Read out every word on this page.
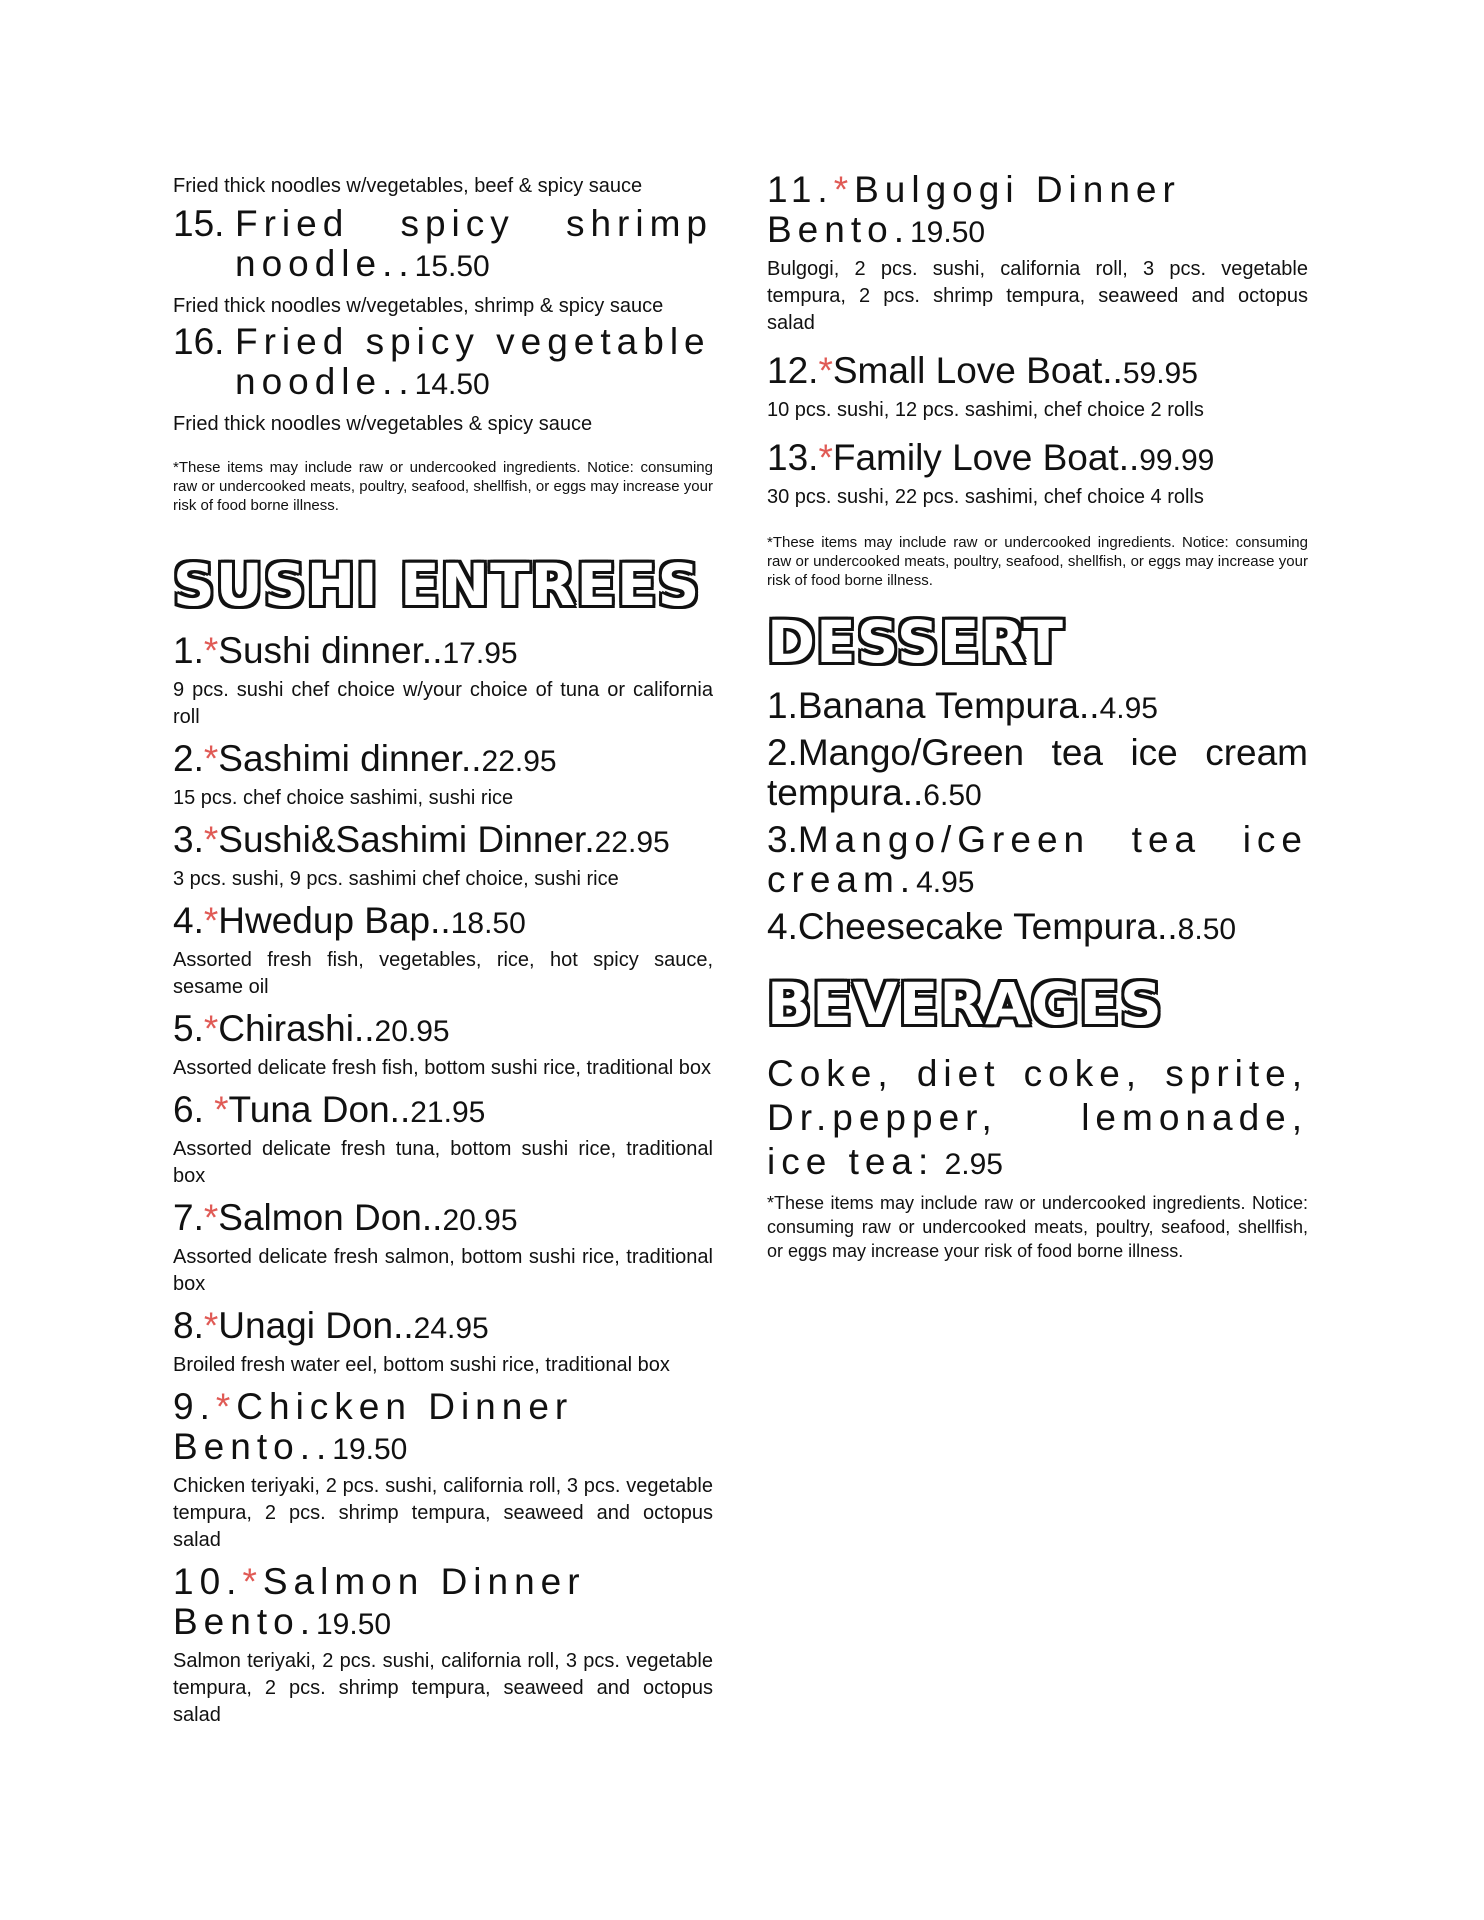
Fried thick noodles w/vegetables, beef & spicy sauce

15. Fried spicy shrimp noodle..15.50

Fried thick noodles w/vegetables, shrimp & spicy sauce

16. Fried spicy vegetable noodle..14.50

Fried thick noodles w/vegetables & spicy sauce

*These items may include raw or undercooked ingredients. Notice: consuming raw or undercooked meats, poultry, seafood, shellfish, or eggs may increase your risk of food borne illness.

SUSHI ENTREES

1.*Sushi dinner..17.95

9 pcs. sushi chef choice w/your choice of tuna or california roll

2.*Sashimi dinner..22.95

15 pcs. chef choice sashimi, sushi rice

3.*Sushi&Sashimi Dinner.22.95

3 pcs. sushi, 9 pcs. sashimi chef choice, sushi rice

4.*Hwedup Bap..18.50

Assorted fresh fish, vegetables, rice, hot spicy sauce, sesame oil

5.*Chirashi..20.95

Assorted delicate fresh fish, bottom sushi rice, traditional box

6. *Tuna Don..21.95

Assorted delicate fresh tuna, bottom sushi rice, traditional box

7.*Salmon Don..20.95

Assorted delicate fresh salmon, bottom sushi rice, traditional box

8.*Unagi Don..24.95

Broiled fresh water eel, bottom sushi rice, traditional box

9.*Chicken Dinner Bento..19.50

Chicken teriyaki, 2 pcs. sushi, california roll, 3 pcs. vegetable tempura, 2 pcs. shrimp tempura, seaweed and octopus salad

10.*Salmon Dinner Bento.19.50

Salmon teriyaki, 2 pcs. sushi, california roll, 3 pcs. vegetable tempura, 2 pcs. shrimp tempura, seaweed and octopus salad

11.*Bulgogi Dinner Bento.19.50

Bulgogi, 2 pcs. sushi, california roll, 3 pcs. vegetable tempura, 2 pcs. shrimp tempura, seaweed and octopus salad

12.*Small Love Boat..59.95

10 pcs. sushi, 12 pcs. sashimi, chef choice 2 rolls

13.*Family Love Boat..99.99

30 pcs. sushi, 22 pcs. sashimi, chef choice 4 rolls

*These items may include raw or undercooked ingredients. Notice: consuming raw or undercooked meats, poultry, seafood, shellfish, or eggs may increase your risk of food borne illness.

DESSERT

1.Banana Tempura..4.95

2.Mango/Green tea ice cream tempura..6.50

3.Mango/Green tea ice cream.4.95

4.Cheesecake Tempura..8.50

BEVERAGES

Coke, diet coke, sprite, Dr.pepper, lemonade, ice tea: 2.95

*These items may include raw or undercooked ingredients. Notice: consuming raw or undercooked meats, poultry, seafood, shellfish, or eggs may increase your risk of food borne illness.
